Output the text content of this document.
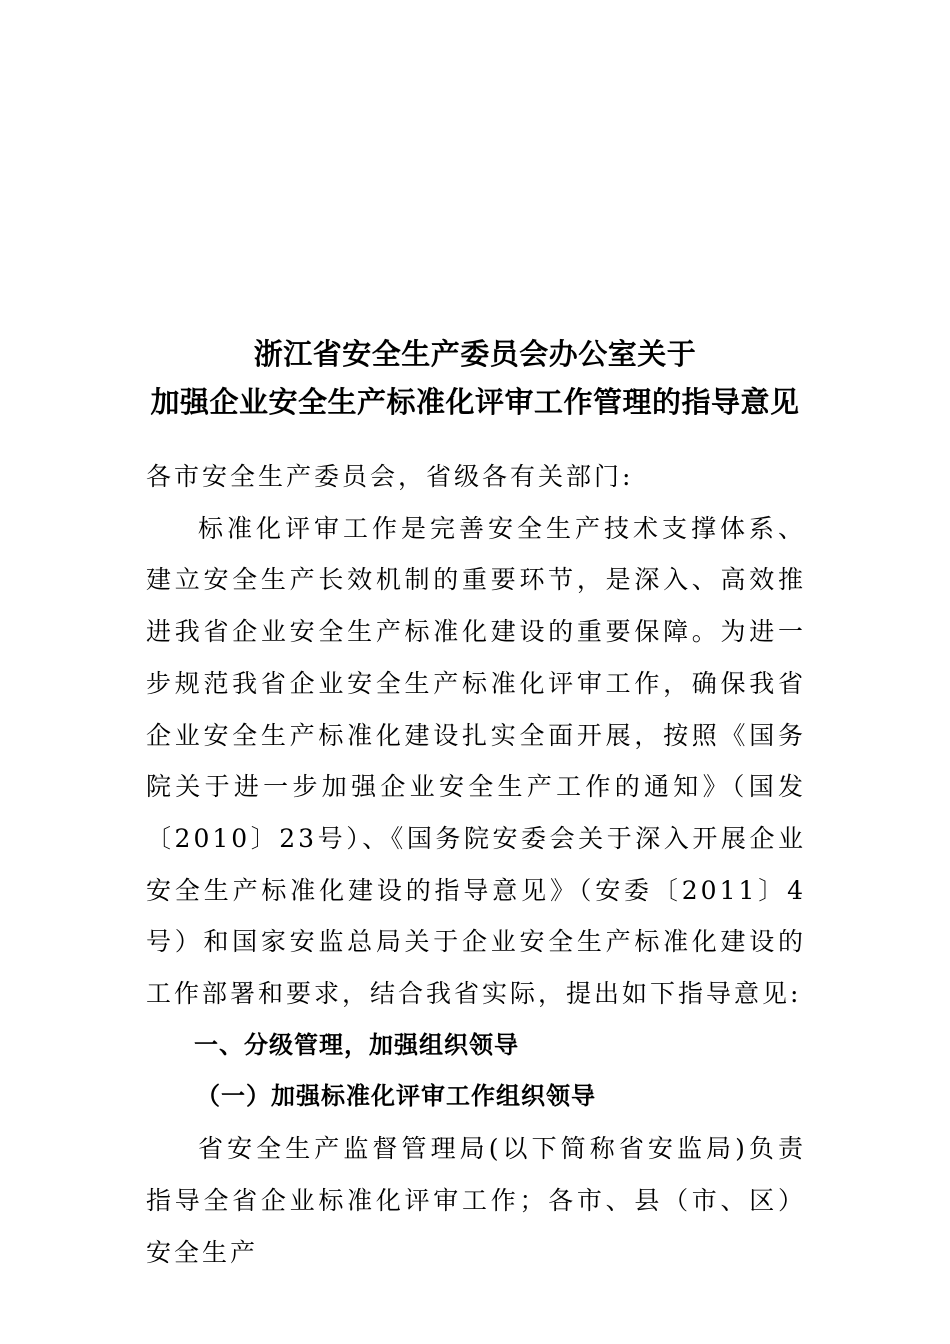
浙江省安全生产委员会办公室关于
加强企业安全生产标准化评审工作管理的指导意见

各市安全生产委员会，省级各有关部门:

标准化评审工作是完善安全生产技术支撑体系、建立安全生产长效机制的重要环节，是深入、高效推进我省企业安全生产标准化建设的重要保障。为进一步规范我省企业安全生产标准化评审工作，确保我省企业安全生产标准化建设扎实全面开展，按照《国务院关于进一步加强企业安全生产工作的通知》（国发〔2010〕23号）、《国务院安委会关于深入开展企业安全生产标准化建设的指导意见》（安委〔2011〕4号）和国家安监总局关于企业安全生产标准化建设的工作部署和要求，结合我省实际，提出如下指导意见:

一、分级管理，加强组织领导
（一）加强标准化评审工作组织领导

省安全生产监督管理局(以下简称省安监局)负责指导全省企业标准化评审工作；各市、县（市、区）安全生产
